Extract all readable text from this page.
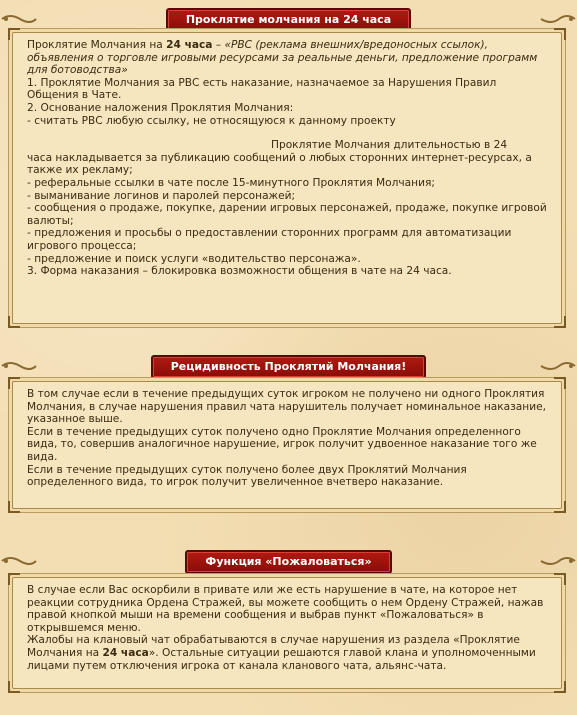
Проклятие молчания на 24 часа

Проклятие Молчания на 24 часа – «РВС (реклама внешних/вредоносных ссылок), объявления о торговле игровыми ресурсами за реальные деньги, предложение программ для ботоводства»

1. Проклятие Молчания за РВС есть наказание, назначаемое за Нарушения Правил Общения в Чате.

2. Основание наложения Проклятия Молчания:

- считать РВС любую ссылку, не относящуюся к данному проекту

Проклятие Молчания длительностью в 24

часа накладывается за публикацию сообщений о любых сторонних интернет-ресурсах, а также их рекламу;

- реферальные ссылки в чате после 15-минутного Проклятия Молчания;

- выманивание логинов и паролей персонажей;

- сообщения о продаже, покупке, дарении игровых персонажей, продаже, покупке игровой валюты;

- предложения и просьбы о предоставлении сторонних программ для автоматизации игрового процесса;

- предложение и поиск услуги «водительство персонажа».

3. Форма наказания – блокировка возможности общения в чате на 24 часа.

Рецидивность Проклятий Молчания!

В том случае если в течение предыдущих суток игроком не получено ни одного Проклятия Молчания, в случае нарушения правил чата нарушитель получает номинальное наказание, указанное выше.

Если в течение предыдущих суток получено одно Проклятие Молчания определенного вида, то, совершив аналогичное нарушение, игрок получит удвоенное наказание того же вида.

Если в течение предыдущих суток получено более двух Проклятий Молчания определенного вида, то игрок получит увеличенное вчетверо наказание.

Функция «Пожаловаться»

В случае если Вас оскорбили в привате или же есть нарушение в чате, на которое нет реакции сотрудника Ордена Стражей, вы можете сообщить о нем Ордену Стражей, нажав правой кнопкой мыши на времени сообщения и выбрав пункт «Пожаловаться» в открывшемся меню.

Жалобы на клановый чат обрабатываются в случае нарушения из раздела «Проклятие Молчания на 24 часа». Остальные ситуации решаются главой клана и уполномоченными лицами путем отключения игрока от канала кланового чата, альянс-чата.
